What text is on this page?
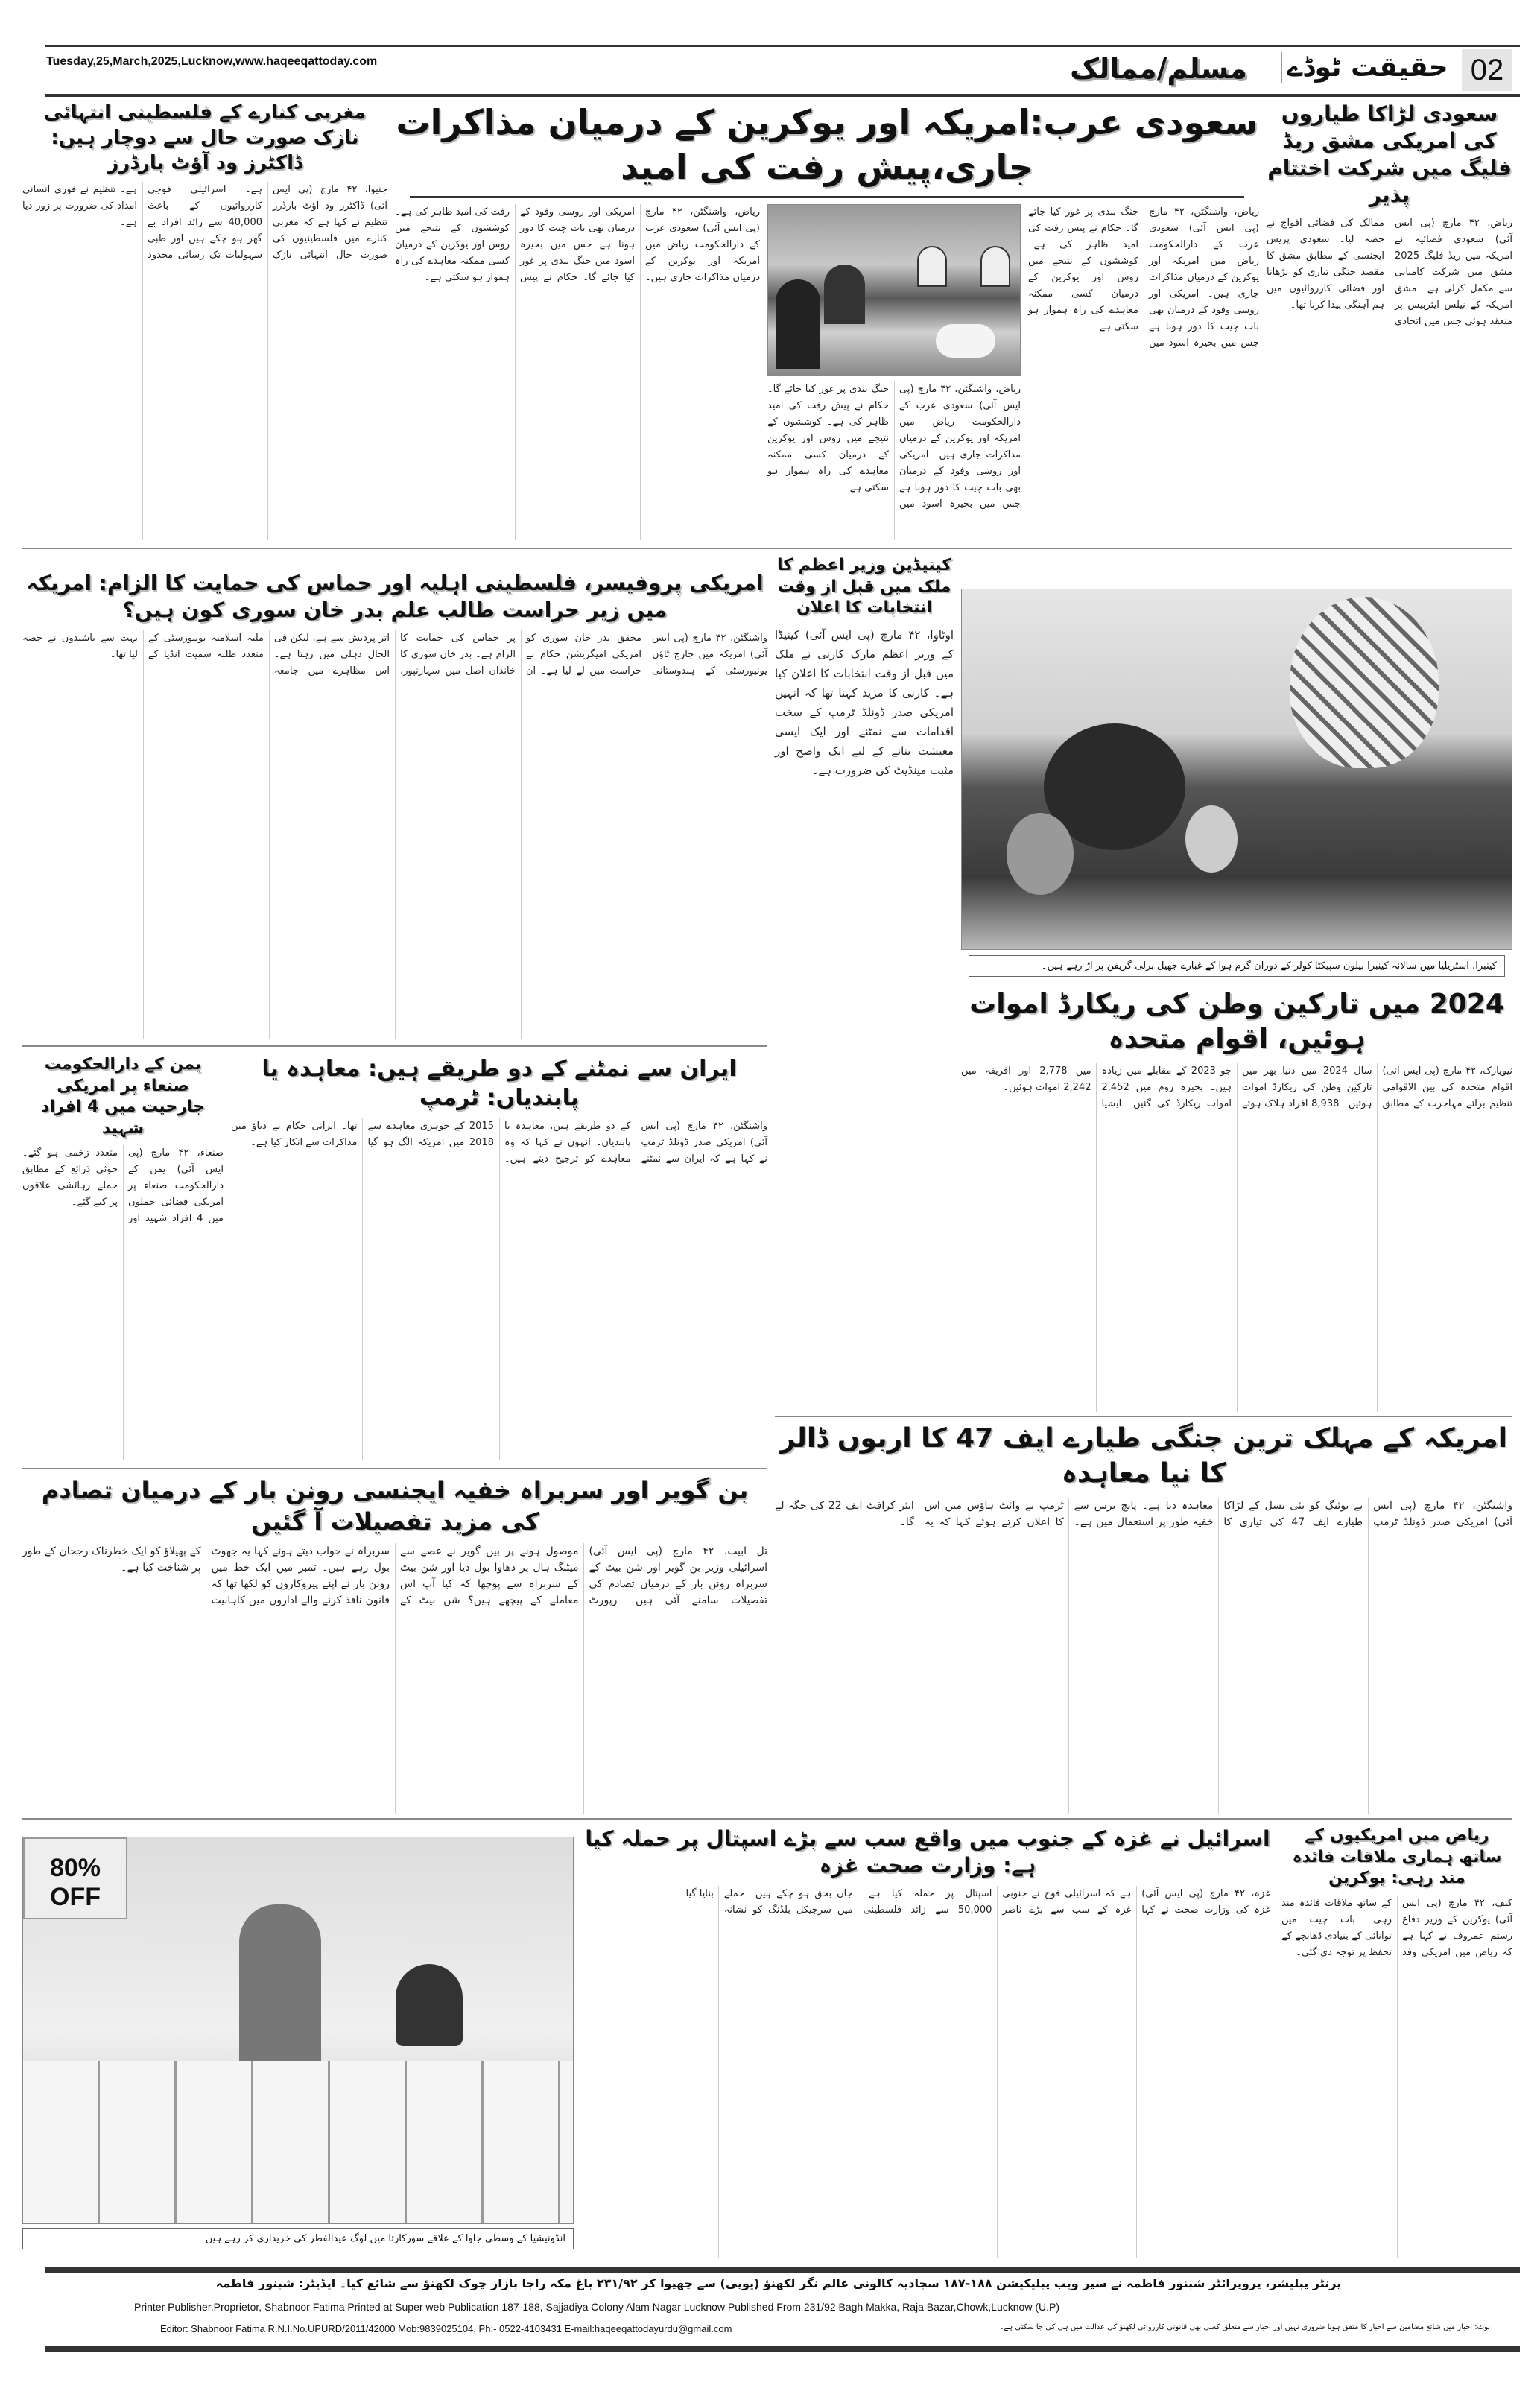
Tuesday,25,March,2025,Lucknow,www.haqeeqattoday.com	02
حقیقت ٹوڈے
مسلم/ممالک
سعودی لڑاکا طیاروں کی امریکی مشق ریڈ فلیگ میں شرکت اختتام پذیر
ریاض، ۴۲ مارچ (پی ایس آئی) سعودی فضائیہ نے امریکہ میں ریڈ فلیگ 2025 مشق میں شرکت کامیابی سے مکمل کرلی ہے۔ مشق امریکہ کے نیلس ایئربیس پر منعقد ہوئی جس میں اتحادی ممالک کی فضائی افواج نے حصہ لیا۔ سعودی پریس ایجنسی کے مطابق مشق کا مقصد جنگی تیاری کو بڑھانا اور فضائی کارروائیوں میں ہم آہنگی پیدا کرنا تھا۔
سعودی عرب:امریکہ اور یوکرین کے درمیان مذاکرات جاری،پیش رفت کی امید
ریاض، واشنگٹن، ۴۲ مارچ (پی ایس آئی) سعودی عرب کے دارالحکومت ریاض میں امریکہ اور یوکرین کے درمیان مذاکرات جاری ہیں۔ امریکی اور روسی وفود کے درمیان بھی بات چیت کا دور ہونا ہے جس میں بحیرہ اسود میں جنگ بندی پر غور کیا جائے گا۔ حکام نے پیش رفت کی امید ظاہر کی ہے۔ کوششوں کے نتیجے میں روس اور یوکرین کے درمیان کسی ممکنہ معاہدے کی راہ ہموار ہو سکتی ہے۔
ریاض، واشنگٹن، ۴۲ مارچ (پی ایس آئی) سعودی عرب کے دارالحکومت ریاض میں امریکہ اور یوکرین کے درمیان مذاکرات جاری ہیں۔ امریکی اور روسی وفود کے درمیان بھی بات چیت کا دور ہونا ہے جس میں بحیرہ اسود میں جنگ بندی پر غور کیا جائے گا۔ حکام نے پیش رفت کی امید ظاہر کی ہے۔ کوششوں کے نتیجے میں روس اور یوکرین کے درمیان کسی ممکنہ معاہدے کی راہ ہموار ہو سکتی ہے۔
ریاض، واشنگٹن، ۴۲ مارچ (پی ایس آئی) سعودی عرب کے دارالحکومت ریاض میں امریکہ اور یوکرین کے درمیان مذاکرات جاری ہیں۔ امریکی اور روسی وفود کے درمیان بھی بات چیت کا دور ہونا ہے جس میں بحیرہ اسود میں جنگ بندی پر غور کیا جائے گا۔ حکام نے پیش رفت کی امید ظاہر کی ہے۔ کوششوں کے نتیجے میں روس اور یوکرین کے درمیان کسی ممکنہ معاہدے کی راہ ہموار ہو سکتی ہے۔
مغربی کنارے کے فلسطینی انتہائی نازک صورت حال سے دوچار ہیں: ڈاکٹرز ود آؤٹ بارڈرز
جنیوا، ۴۲ مارچ (پی ایس آئی) ڈاکٹرز ود آؤٹ بارڈرز تنظیم نے کہا ہے کہ مغربی کنارے میں فلسطینیوں کی صورت حال انتہائی نازک ہے۔ اسرائیلی فوجی کارروائیوں کے باعث 40,000 سے زائد افراد بے گھر ہو چکے ہیں اور طبی سہولیات تک رسائی محدود ہے۔ تنظیم نے فوری انسانی امداد کی ضرورت پر زور دیا ہے۔
کینبرا، آسٹریلیا میں سالانہ کینبرا بیلون سپیکٹا کولر کے دوران گرم ہوا کے غبارے جھیل برلی گریفن پر اڑ رہے ہیں۔
کینیڈین وزیر اعظم کا ملک میں قبل از وقت انتخابات کا اعلان
اوٹاوا، ۴۲ مارچ (پی ایس آئی) کینیڈا کے وزیر اعظم مارک کارنی نے ملک میں قبل از وقت انتخابات کا اعلان کیا ہے۔ کارنی کا مزید کہنا تھا کہ انہیں امریکی صدر ڈونلڈ ٹرمپ کے سخت اقدامات سے نمٹنے اور ایک ایسی معیشت بنانے کے لیے ایک واضح اور مثبت مینڈیٹ کی ضرورت ہے۔
امریکی پروفیسر، فلسطینی اہلیہ اور حماس کی حمایت کا الزام: امریکہ میں زیر حراست طالب علم بدر خان سوری کون ہیں؟
واشنگٹن، ۴۲ مارچ (پی ایس آئی) امریکہ میں جارج ٹاؤن یونیورسٹی کے ہندوستانی محقق بدر خان سوری کو امریکی امیگریشن حکام نے حراست میں لے لیا ہے۔ ان پر حماس کی حمایت کا الزام ہے۔ بدر خان سوری کا خاندان اصل میں سہارنپور، اتر پردیش سے ہے، لیکن فی الحال دہلی میں رہتا ہے۔ اس مظاہرے میں جامعہ ملیہ اسلامیہ یونیورسٹی کے متعدد طلبہ سمیت انڈیا کے بہت سے باشندوں نے حصہ لیا تھا۔
2024 میں تارکین وطن کی ریکارڈ اموات ہوئیں، اقوام متحدہ
نیویارک، ۴۲ مارچ (پی ایس آئی) اقوام متحدہ کی بین الاقوامی تنظیم برائے مہاجرت کے مطابق سال 2024 میں دنیا بھر میں تارکین وطن کی ریکارڈ اموات ہوئیں۔ 8,938 افراد ہلاک ہوئے جو 2023 کے مقابلے میں زیادہ ہیں۔ بحیرہ روم میں 2,452 اموات ریکارڈ کی گئیں۔ ایشیا میں 2,778 اور افریقہ میں 2,242 اموات ہوئیں۔
یمن کے دارالحکومت صنعاء پر امریکی جارحیت میں 4 افراد شہید
صنعاء، ۴۲ مارچ (پی ایس آئی) یمن کے دارالحکومت صنعاء پر امریکی فضائی حملوں میں 4 افراد شہید اور متعدد زخمی ہو گئے۔ حوثی ذرائع کے مطابق حملے رہائشی علاقوں پر کیے گئے۔
ایران سے نمٹنے کے دو طریقے ہیں: معاہدہ یا پابندیاں: ٹرمپ
واشنگٹن، ۴۲ مارچ (پی ایس آئی) امریکی صدر ڈونلڈ ٹرمپ نے کہا ہے کہ ایران سے نمٹنے کے دو طریقے ہیں، معاہدہ یا پابندیاں۔ انہوں نے کہا کہ وہ معاہدے کو ترجیح دیتے ہیں۔ 2015 کے جوہری معاہدے سے 2018 میں امریکہ الگ ہو گیا تھا۔ ایرانی حکام نے دباؤ میں مذاکرات سے انکار کیا ہے۔
امریکہ کے مہلک ترین جنگی طیارے ایف 47 کا اربوں ڈالر کا نیا معاہدہ
واشنگٹن، ۴۲ مارچ (پی ایس آئی) امریکی صدر ڈونلڈ ٹرمپ نے بوئنگ کو نئی نسل کے لڑاکا طیارے ایف 47 کی تیاری کا معاہدہ دیا ہے۔ پانچ برس سے خفیہ طور پر استعمال میں ہے۔ ٹرمپ نے وائٹ ہاؤس میں اس کا اعلان کرتے ہوئے کہا کہ یہ ایئر کرافٹ ایف 22 کی جگہ لے گا۔
بن گویر اور سربراہ خفیہ ایجنسی رونن بار کے درمیان تصادم کی مزید تفصیلات آ گئیں
تل ابیب، ۴۲ مارچ (پی ایس آئی) اسرائیلی وزیر بن گویر اور شن بیٹ کے سربراہ رونن بار کے درمیان تصادم کی تفصیلات سامنے آئی ہیں۔ رپورٹ موصول ہونے پر بین گویر نے غصے سے میٹنگ ہال پر دھاوا بول دیا اور شن بیٹ کے سربراہ سے پوچھا کہ کیا آپ اس معاملے کے پیچھے ہیں؟ شن بیٹ کے سربراہ نے جواب دیتے ہوئے کہا یہ جھوٹ بول رہے ہیں۔ تمبر میں ایک خط میں رونن بار نے اپنے پیروکاروں کو لکھا تھا کہ قانون نافذ کرنے والے اداروں میں کاہانیت کے پھیلاؤ کو ایک خطرناک رجحان کے طور پر شناخت کیا ہے۔
ریاض میں امریکیوں کے ساتھ ہماری ملاقات فائدہ مند رہی: یوکرین
کیف، ۴۲ مارچ (پی ایس آئی) یوکرین کے وزیر دفاع رستم عمروف نے کہا ہے کہ ریاض میں امریکی وفد کے ساتھ ملاقات فائدہ مند رہی۔ بات چیت میں توانائی کے بنیادی ڈھانچے کے تحفظ پر توجہ دی گئی۔
اسرائیل نے غزہ کے جنوب میں واقع سب سے بڑے اسپتال پر حملہ کیا ہے: وزارت صحت غزہ
غزہ، ۴۲ مارچ (پی ایس آئی) غزہ کی وزارت صحت نے کہا ہے کہ اسرائیلی فوج نے جنوبی غزہ کے سب سے بڑے ناصر اسپتال پر حملہ کیا ہے۔ 50,000 سے زائد فلسطینی جاں بحق ہو چکے ہیں۔ حملے میں سرجیکل بلڈنگ کو نشانہ بنایا گیا۔
80% OFF
انڈونیشیا کے وسطی جاوا کے علاقے سورکارتا میں لوگ عیدالفطر کی خریداری کر رہے ہیں۔
پرنٹر پبلیشر، پروپرائٹر شبنور فاطمہ نے سپر ویب پبلیکیشن ۱۸۸-۱۸۷ سجادیہ کالونی عالم نگر لکھنؤ (یوپی) سے چھپوا کر ۲۳۱/۹۲ باغ مکہ راجا بازار چوک لکھنؤ سے شائع کیا۔ ایڈیٹر: شبنور فاطمہ
Printer Publisher,Proprietor, Shabnoor Fatima Printed at Super web Publication 187-188, Sajjadiya Colony Alam Nagar Lucknow Published From 231/92 Bagh Makka, Raja Bazar,Chowk,Lucknow (U.P)
Editor: Shabnoor Fatima R.N.I.No.UPURD/2011/42000 Mob:9839025104, Ph:- 0522-4103431 E-mail:haqeeqattodayurdu@gmail.com	نوٹ: اخبار میں شائع مضامین سے اخبار کا متفق ہونا ضروری نہیں اور اخبار سے متعلق کسی بھی قانونی کارروائی لکھنؤ کی عدالت میں ہی کی جا سکتی ہے۔
